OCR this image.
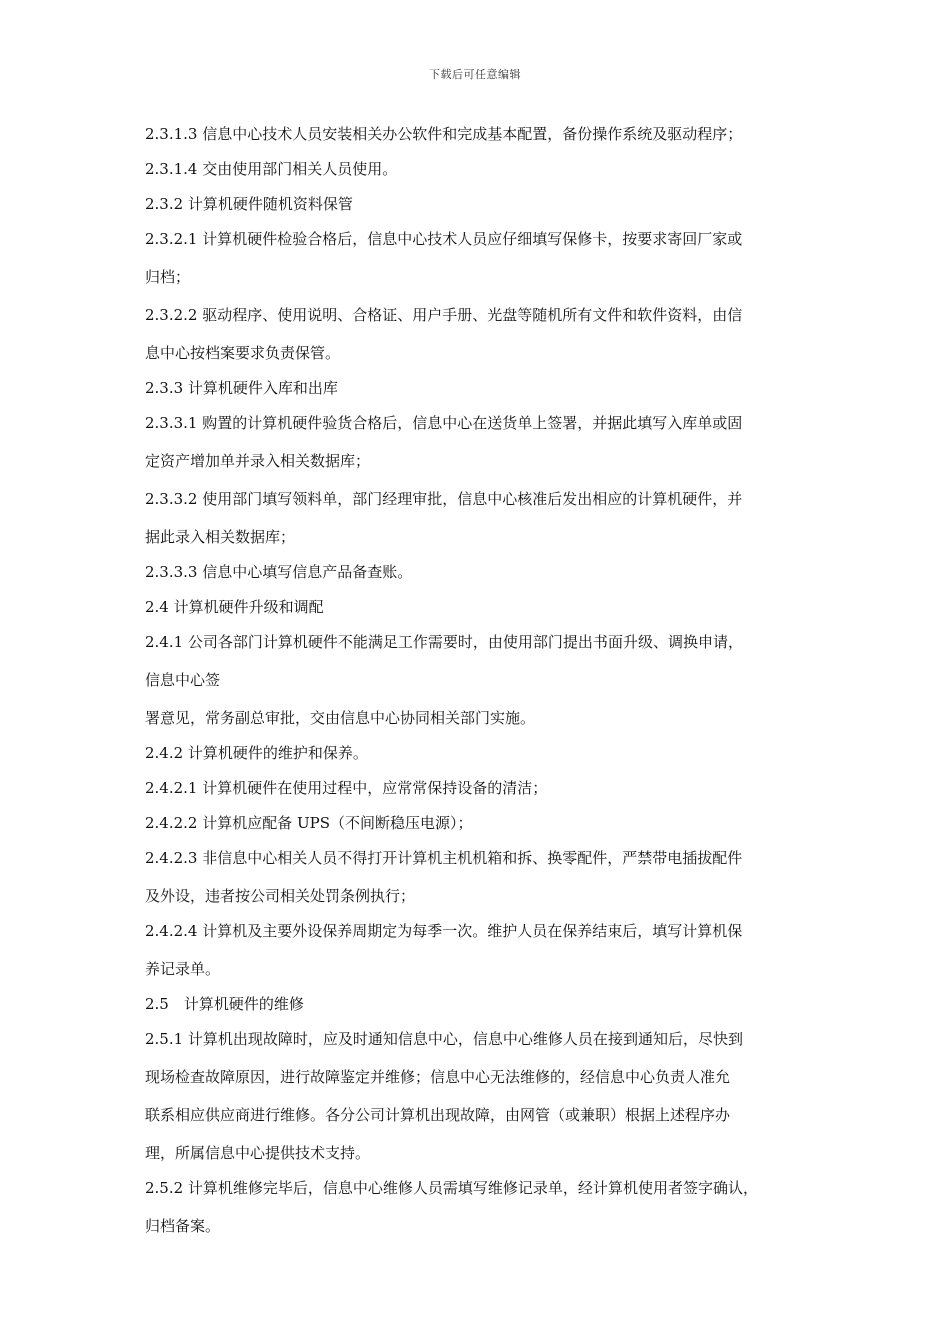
下载后可任意编辑
2.3.1.3 信息中心技术人员安装相关办公软件和完成基本配置，备份操作系统及驱动程序；
2.3.1.4 交由使用部门相关人员使用。
2.3.2 计算机硬件随机资料保管
2.3.2.1 计算机硬件检验合格后，信息中心技术人员应仔细填写保修卡，按要求寄回厂家或
归档；
2.3.2.2 驱动程序、使用说明、合格证、用户手册、光盘等随机所有文件和软件资料，由信
息中心按档案要求负责保管。
2.3.3 计算机硬件入库和出库
2.3.3.1 购置的计算机硬件验货合格后，信息中心在送货单上签署，并据此填写入库单或固
定资产增加单并录入相关数据库；
2.3.3.2 使用部门填写领料单，部门经理审批，信息中心核准后发出相应的计算机硬件，并
据此录入相关数据库；
2.3.3.3 信息中心填写信息产品备查账。
2.4 计算机硬件升级和调配
2.4.1 公司各部门计算机硬件不能满足工作需要时，由使用部门提出书面升级、调换申请，
信息中心签
署意见，常务副总审批，交由信息中心协同相关部门实施。
2.4.2 计算机硬件的维护和保养。
2.4.2.1 计算机硬件在使用过程中，应常常保持设备的清洁；
2.4.2.2 计算机应配备 UPS（不间断稳压电源）；
2.4.2.3 非信息中心相关人员不得打开计算机主机机箱和拆、换零配件，严禁带电插拔配件
及外设，违者按公司相关处罚条例执行；
2.4.2.4 计算机及主要外设保养周期定为每季一次。维护人员在保养结束后，填写计算机保
养记录单。
2.5　计算机硬件的维修
2.5.1 计算机出现故障时，应及时通知信息中心，信息中心维修人员在接到通知后，尽快到
现场检查故障原因，进行故障鉴定并维修；信息中心无法维修的，经信息中心负责人准允
联系相应供应商进行维修。各分公司计算机出现故障，由网管（或兼职）根据上述程序办
理，所属信息中心提供技术支持。
2.5.2 计算机维修完毕后，信息中心维修人员需填写维修记录单，经计算机使用者签字确认，
归档备案。
